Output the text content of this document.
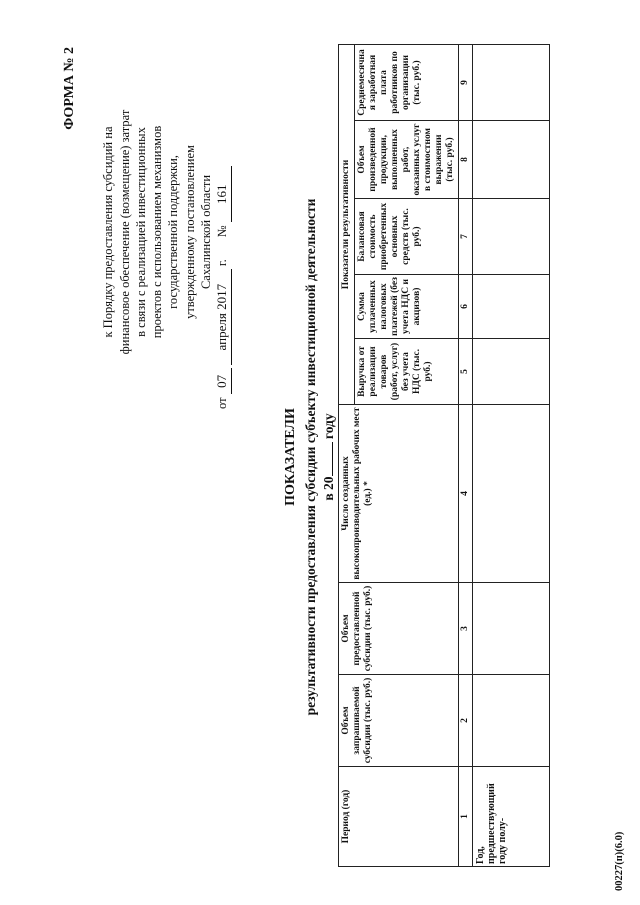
ФОРМА № 2
к Порядку предоставления субсидий на финансовое обеспечение (возмещение) затрат в связи с реализацией инвестиционных проектов с использованием механизмов государственной поддержки, утвержденному постановлением Сахалинской области
от 07 апреля 2017 г.       № 161
ПОКАЗАТЕЛИ результативности предоставления субсидии субъекту инвестиционной деятельности в 20 году
Период (год)	Объем запрашиваемой субсидии (тыс. руб.)	Объем предоставленной субсидии (тыс. руб.)	Число созданных высокопроизводительных рабочих мест (ед.) *	Показатели результативности				
				Выручка от реализации товаров (работ, услуг) без учета НДС (тыс. руб.)	Сумма уплаченных налоговых платежей (без учета НДС и акцизов)	Балансовая стоимость приобретенных основных средств (тыс. руб.)	Объем произведенной продукции, выполненных работ, оказанных услуг в стоимостном выражении (тыс. руб.)	Среднемесячная заработная плата работников по организации (тыс. руб.)
1	2	3	4	5	6	7	8	9
Год, предшествующий году полу-									00227(п)(6.0)
